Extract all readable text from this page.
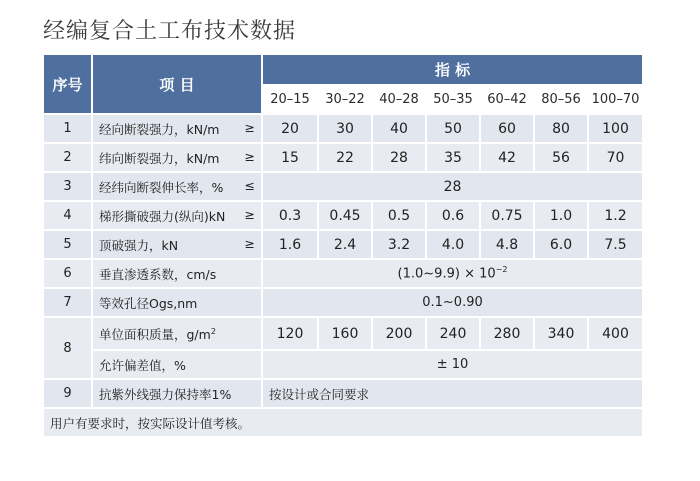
经编复合土工布技术数据
序号	项 目	指 标						
		20–15	30–22	40–28	50–35	60–42	80–56	100–70
1	经向断裂强力，kN/m ≥	20	30	40	50	60	80	100
2	纬向断裂强力，kN/m ≥	15	22	28	35	42	56	70
3	经纬向断裂伸长率，% ≤	28						
4	梯形撕破强力(纵向)kN ≥	0.3	0.45	0.5	0.6	0.75	1.0	1.2
5	顶破强力，kN ≥	1.6	2.4	3.2	4.0	4.8	6.0	7.5
6	垂直渗透系数，cm/s	(1.0~9.9) × $10^{-2}$
7	等效孔径Ogs,nm	0.1~0.90						
8	单位面积质量，$g/m^2$	120	160	200	240	280	340	400
	允许偏差值，%	± 10						
9	抗紫外线强力保持率1%	按设计或合同要求						
用户有要求时，按实际设计值考核。								
